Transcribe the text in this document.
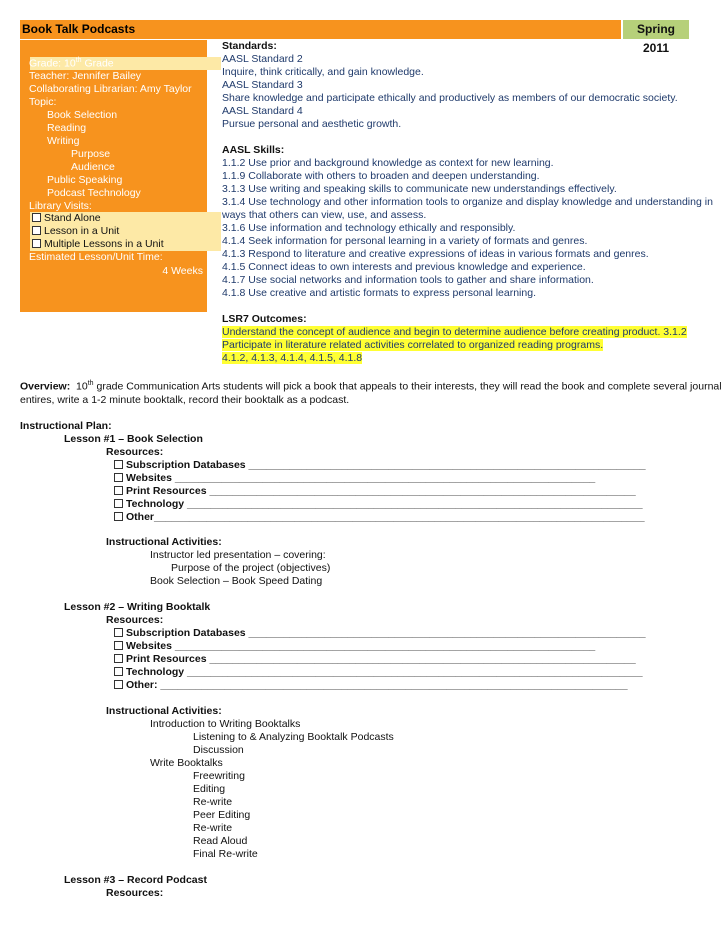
Book Talk Podcasts	Spring 2011
Grade: 10th Grade
Teacher: Jennifer Bailey
Collaborating Librarian: Amy Taylor
Topic:
Book Selection
Reading
Writing
Purpose
Audience
Public Speaking
Podcast Technology
Library Visits:
Stand Alone
Lesson in a Unit
Multiple Lessons in a Unit
Estimated Lesson/Unit Time:
4 Weeks
Standards:
AASL Standard 2
Inquire, think critically, and gain knowledge.
AASL Standard 3
Share knowledge and participate ethically and productively as members of our democratic society.
AASL Standard 4
Pursue personal and aesthetic growth.
AASL Skills:
1.1.2 Use prior and background knowledge as context for new learning.
1.1.9 Collaborate with others to broaden and deepen understanding.
3.1.3 Use writing and speaking skills to communicate new understandings effectively.
3.1.4 Use technology and other information tools to organize and display knowledge and understanding in
ways that others can view, use, and assess.
3.1.6 Use information and technology ethically and responsibly.
4.1.4 Seek information for personal learning in a variety of formats and genres.
4.1.3 Respond to literature and creative expressions of ideas in various formats and genres.
4.1.5 Connect ideas to own interests and previous knowledge and experience.
4.1.7 Use social networks and information tools to gather and share information.
4.1.8 Use creative and artistic formats to express personal learning.
LSR7 Outcomes:
Understand the concept of audience and begin to determine audience before creating product. 3.1.2
Participate in literature related activities correlated to organized reading programs.
4.1.2, 4.1.3, 4.1.4, 4.1.5, 4.1.8
Overview: 10th grade Communication Arts students will pick a book that appeals to their interests, they will read the book and complete several journal
entires, write a 1-2 minute booktalk, record their booktalk as a podcast.
Instructional Plan:
Lesson #1 – Book Selection
Resources:
Subscription Databases ____________________________________________________________________
Websites ________________________________________________________________________
Print Resources _________________________________________________________________________
Technology ______________________________________________________________________________
Other____________________________________________________________________________________
Instructional Activities:
Instructor led presentation – covering:
Purpose of the project (objectives)
Book Selection – Book Speed Dating
Lesson #2 – Writing Booktalk
Resources:
Subscription Databases ____________________________________________________________________
Websites ________________________________________________________________________
Print Resources _________________________________________________________________________
Technology ______________________________________________________________________________
Other: ________________________________________________________________________________
Instructional Activities:
Introduction to Writing Booktalks
Listening to & Analyzing Booktalk Podcasts
Discussion
Write Booktalks
Freewriting
Editing
Re-write
Peer Editing
Re-write
Read Aloud
Final Re-write
Lesson #3 – Record Podcast
Resources:
